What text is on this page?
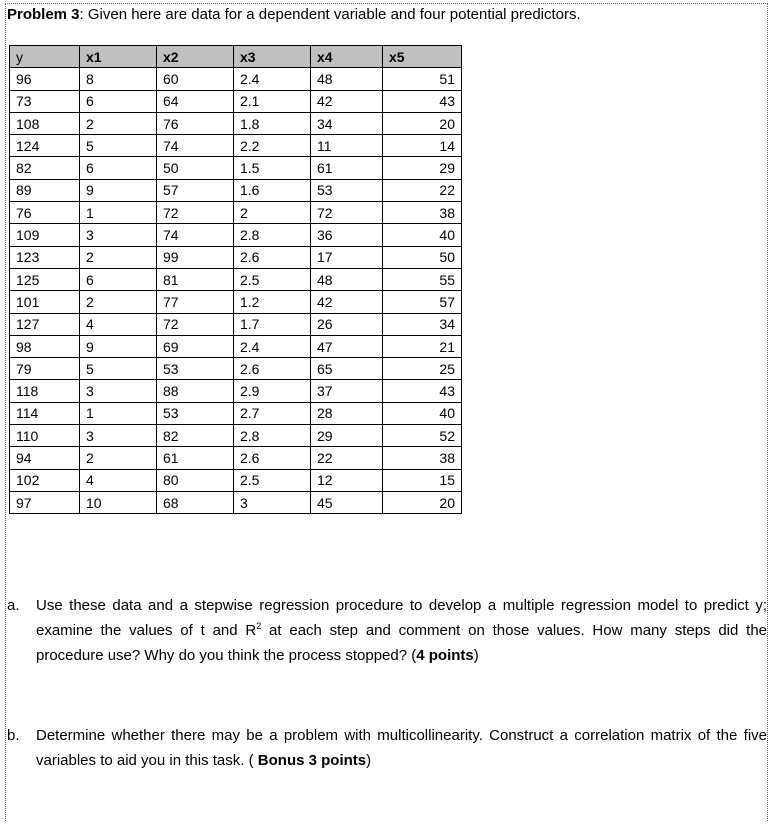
Problem 3: Given here are data for a dependent variable and four potential predictors.
y	x1	x2	x3	x4	x5
96	8	60	2.4	48	51
73	6	64	2.1	42	43
108	2	76	1.8	34	20
124	5	74	2.2	11	14
82	6	50	1.5	61	29
89	9	57	1.6	53	22
76	1	72	2	72	38
109	3	74	2.8	36	40
123	2	99	2.6	17	50
125	6	81	2.5	48	55
101	2	77	1.2	42	57
127	4	72	1.7	26	34
98	9	69	2.4	47	21
79	5	53	2.6	65	25
118	3	88	2.9	37	43
114	1	53	2.7	28	40
110	3	82	2.8	29	52
94	2	61	2.6	22	38
102	4	80	2.5	12	15
97	10	68	3	45	20
a. Use these data and a stepwise regression procedure to develop a multiple regression model to predict y; examine the values of t and $R^2$ at each step and comment on those values. How many steps did the procedure use? Why do you think the process stopped? (4 points)
b. Determine whether there may be a problem with multicollinearity. Construct a correlation matrix of the five variables to aid you in this task. ( Bonus 3 points)
